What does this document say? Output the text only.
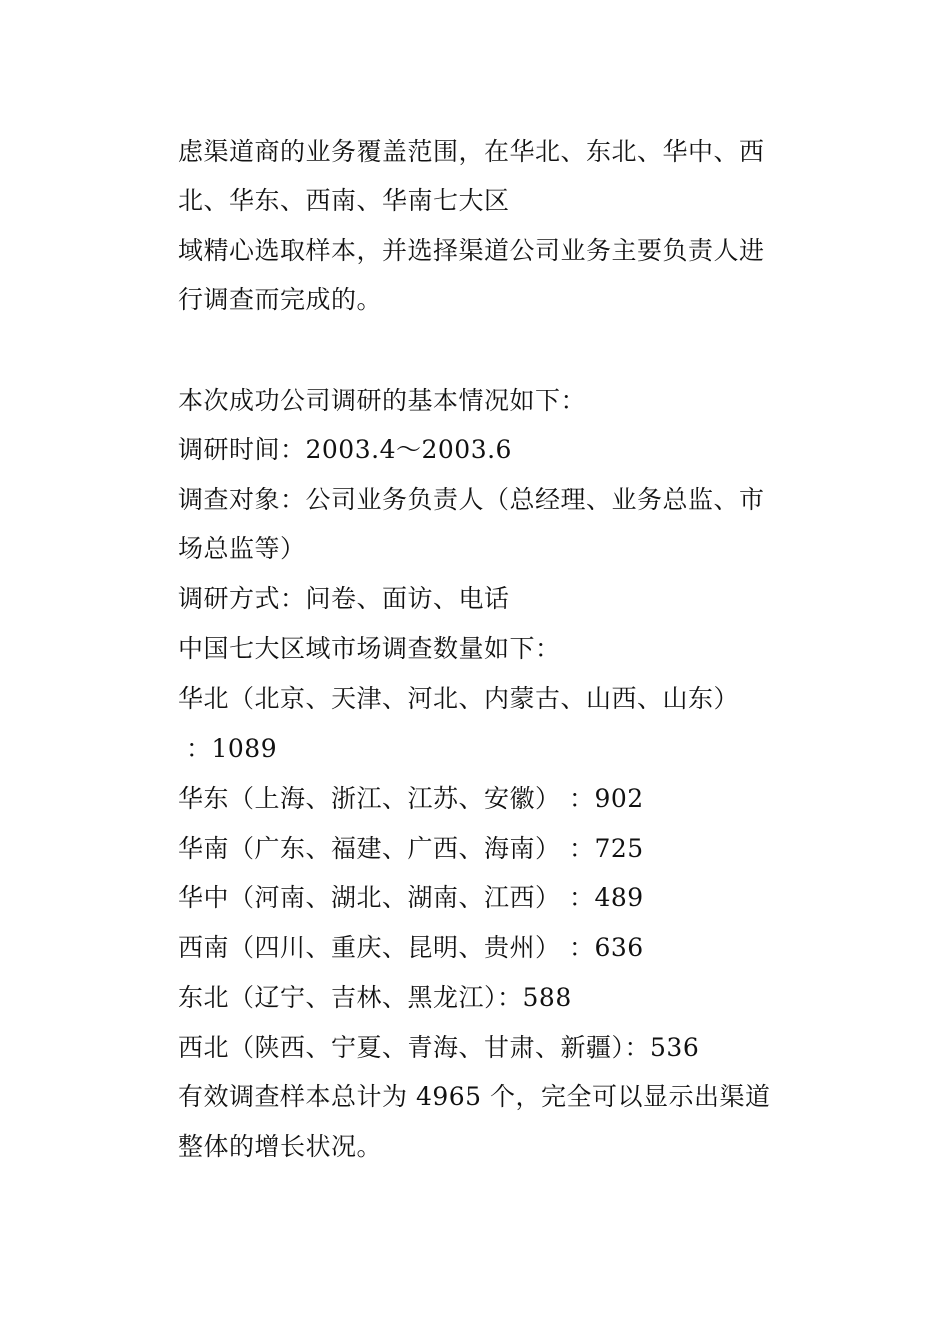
虑渠道商的业务覆盖范围，在华北、东北、华中、西
北、华东、西南、华南七大区
域精心选取样本，并选择渠道公司业务主要负责人进
行调查而完成的。
本次成功公司调研的基本情况如下：
调研时间：2003.4～2003.6
调查对象：公司业务负责人（总经理、业务总监、市
场总监等）
调研方式：问卷、面访、电话
中国七大区域市场调查数量如下：
华北（北京、天津、河北、内蒙古、山西、山东）
：1089
华东（上海、浙江、江苏、安徽） ：902
华南（广东、福建、广西、海南） ：725
华中（河南、湖北、湖南、江西） ：489
西南（四川、重庆、昆明、贵州） ：636
东北（辽宁、吉林、黑龙江）：588
西北（陕西、宁夏、青海、甘肃、新疆）：536
有效调查样本总计为 4965 个，完全可以显示出渠道
整体的增长状况。
